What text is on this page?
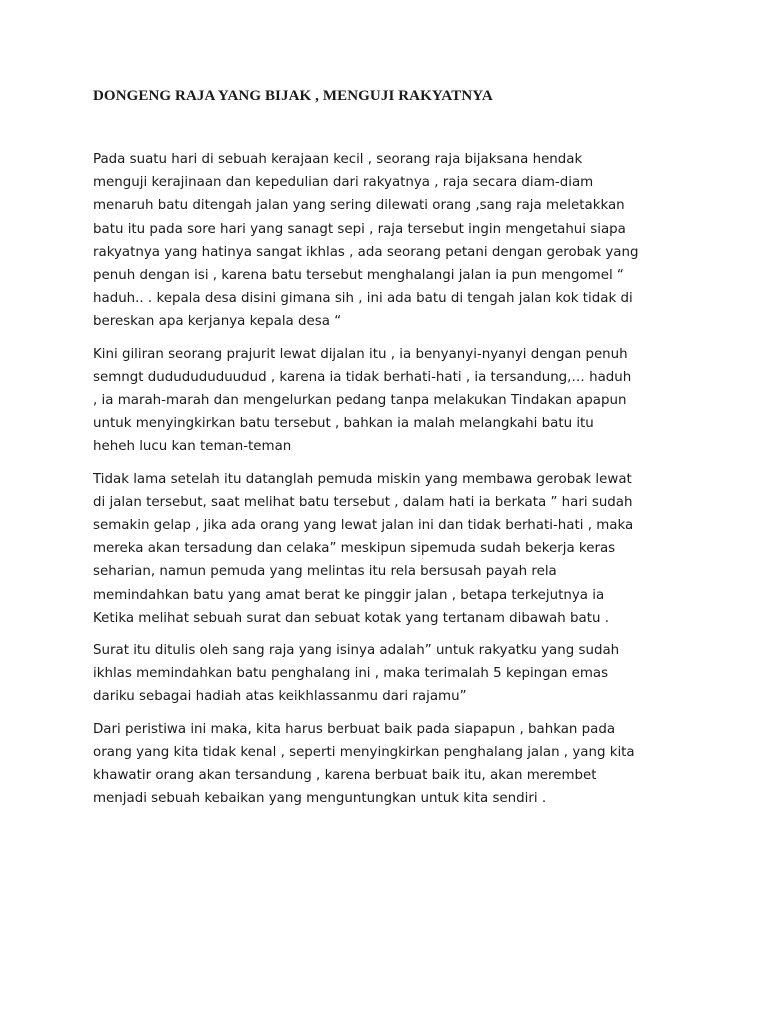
DONGENG RAJA YANG BIJAK , MENGUJI RAKYATNYA

Pada suatu hari di sebuah kerajaan kecil , seorang raja bijaksana hendak
menguji kerajinaan dan kepedulian dari rakyatnya , raja secara diam-diam
menaruh batu ditengah jalan yang sering dilewati orang ,sang raja meletakkan
batu itu pada sore hari yang sanagt sepi , raja tersebut ingin mengetahui siapa
rakyatnya yang hatinya sangat ikhlas , ada seorang petani dengan gerobak yang
penuh dengan isi , karena batu tersebut menghalangi jalan ia pun mengomel “
haduh.. . kepala desa disini gimana sih , ini ada batu di tengah jalan kok tidak di
bereskan apa kerjanya kepala desa “

Kini giliran seorang prajurit lewat dijalan itu , ia benyanyi-nyanyi dengan penuh
semngt dududududuudud , karena ia tidak berhati-hati , ia tersandung,… haduh
, ia marah-marah dan mengelurkan pedang tanpa melakukan Tindakan apapun
untuk menyingkirkan batu tersebut , bahkan ia malah melangkahi batu itu
heheh lucu kan teman-teman

Tidak lama setelah itu datanglah pemuda miskin yang membawa gerobak lewat
di jalan tersebut, saat melihat batu tersebut , dalam hati ia berkata ” hari sudah
semakin gelap , jika ada orang yang lewat jalan ini dan tidak berhati-hati , maka
mereka akan tersadung dan celaka” meskipun sipemuda sudah bekerja keras
seharian, namun pemuda yang melintas itu rela bersusah payah rela
memindahkan batu yang amat berat ke pinggir jalan , betapa terkejutnya ia
Ketika melihat sebuah surat dan sebuat kotak yang tertanam dibawah batu .

Surat itu ditulis oleh sang raja yang isinya adalah” untuk rakyatku yang sudah
ikhlas memindahkan batu penghalang ini , maka terimalah 5 kepingan emas
dariku sebagai hadiah atas keikhlassanmu dari rajamu”

Dari peristiwa ini maka, kita harus berbuat baik pada siapapun , bahkan pada
orang yang kita tidak kenal , seperti menyingkirkan penghalang jalan , yang kita
khawatir orang akan tersandung , karena berbuat baik itu, akan merembet
menjadi sebuah kebaikan yang menguntungkan untuk kita sendiri .
